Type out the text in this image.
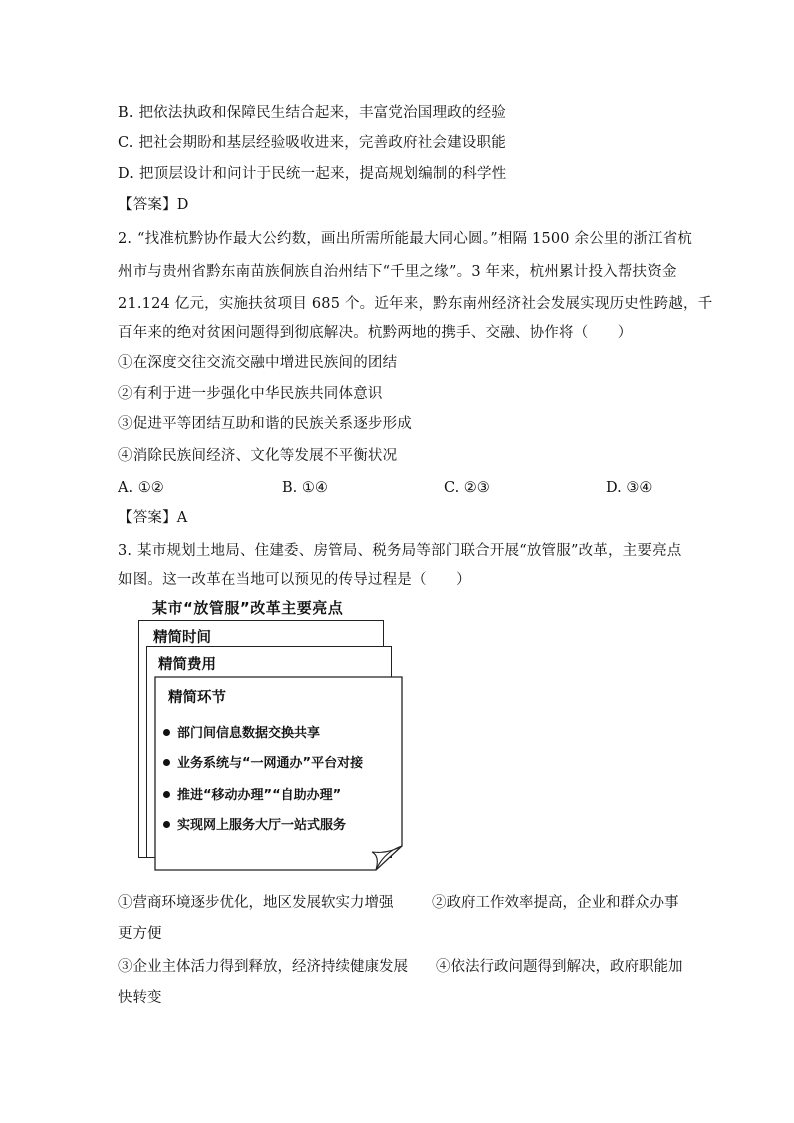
B. 把依法执政和保障民生结合起来，丰富党治国理政的经验
C. 把社会期盼和基层经验吸收进来，完善政府社会建设职能
D. 把顶层设计和问计于民统一起来，提高规划编制的科学性
【答案】D
2. “找准杭黔协作最大公约数，画出所需所能最大同心圆。”相隔 1500 余公里的浙江省杭
州市与贵州省黔东南苗族侗族自治州结下“千里之缘”。3 年来，杭州累计投入帮扶资金
21.124 亿元，实施扶贫项目 685 个。近年来，黔东南州经济社会发展实现历史性跨越，千
百年来的绝对贫困问题得到彻底解决。杭黔两地的携手、交融、协作将（　　）
①在深度交往交流交融中增进民族间的团结
②有利于进一步强化中华民族共同体意识
③促进平等团结互助和谐的民族关系逐步形成
④消除民族间经济、文化等发展不平衡状况
A. ①②	B. ①④	C. ②③	D. ③④
【答案】A
3. 某市规划土地局、住建委、房管局、税务局等部门联合开展“放管服”改革，主要亮点
如图。这一改革在当地可以预见的传导过程是（　　）
某市“放管服”改革主要亮点
精简时间
精简费用
精简环节
部门间信息数据交换共享
业务系统与“一网通办”平台对接
推进“移动办理”“自助办理”
实现网上服务大厅一站式服务
①营商环境逐步优化，地区发展软实力增强	②政府工作效率提高，企业和群众办事
更方便
③企业主体活力得到释放，经济持续健康发展 ④依法行政问题得到解决，政府职能加
快转变
